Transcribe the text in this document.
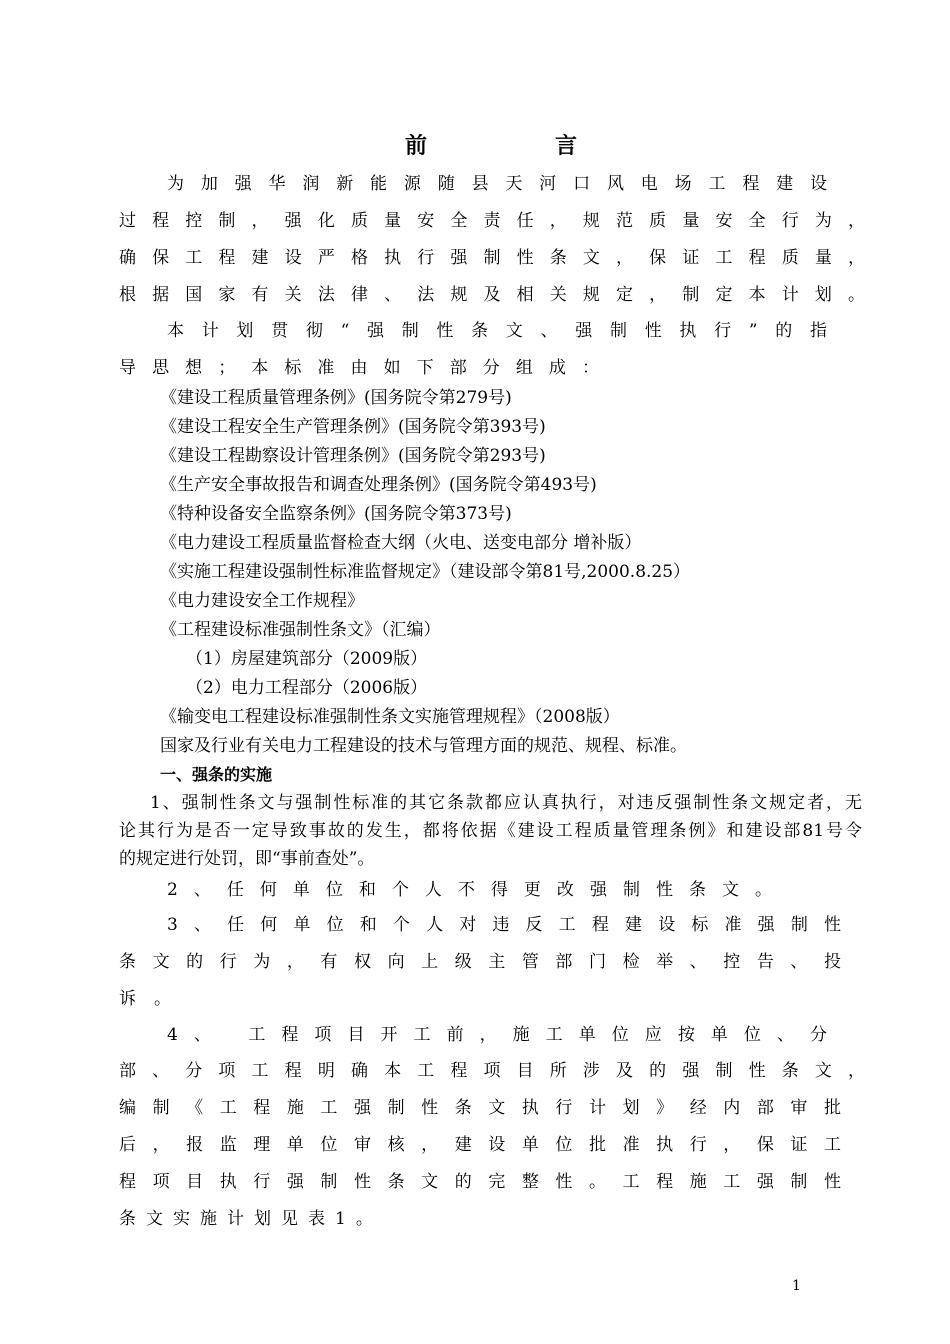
前　　言
为加强华润新能源随县天河口风电场工程建设
过程控制，强化质量安全责任，规范质量安全行为，
确保工程建设严格执行强制性条文，保证工程质量，
根据国家有关法律、法规及相关规定，制定本计划。
本计划贯彻“强制性条文、强制性执行”的指
导思想；本标准由如下部分组成：
《建设工程质量管理条例》(国务院令第279号)
《建设工程安全生产管理条例》(国务院令第393号)
《建设工程勘察设计管理条例》(国务院令第293号)
《生产安全事故报告和调查处理条例》(国务院令第493号)
《特种设备安全监察条例》(国务院令第373号)
《电力建设工程质量监督检查大纲（火电、送变电部分 增补版）
《实施工程建设强制性标准监督规定》（建设部令第81号,2000.8.25）
《电力建设安全工作规程》
《工程建设标准强制性条文》（汇编）
（1）房屋建筑部分（2009版）
（2）电力工程部分（2006版）
《输变电工程建设标准强制性条文实施管理规程》（2008版）
国家及行业有关电力工程建设的技术与管理方面的规范、规程、标准。
一、强条的实施
1、强制性条文与强制性标准的其它条款都应认真执行，对违反强制性条文规定者，无
论其行为是否一定导致事故的发生，都将依据《建设工程质量管理条例》和建设部81号令
的规定进行处罚，即“事前查处”。
2、任何单位和个人不得更改强制性条文。
3、任何单位和个人对违反工程建设标准强制性
条文的行为，有权向上级主管部门检举、控告、投
诉。
4、 工程项目开工前，施工单位应按单位、分
部、分项工程明确本工程项目所涉及的强制性条文，
编制《工程施工强制性条文执行计划》经内部审批
后，报监理单位审核，建设单位批准执行，保证工
程项目执行强制性条文的完整性。工程施工强制性
条文实施计划见表1。
1
